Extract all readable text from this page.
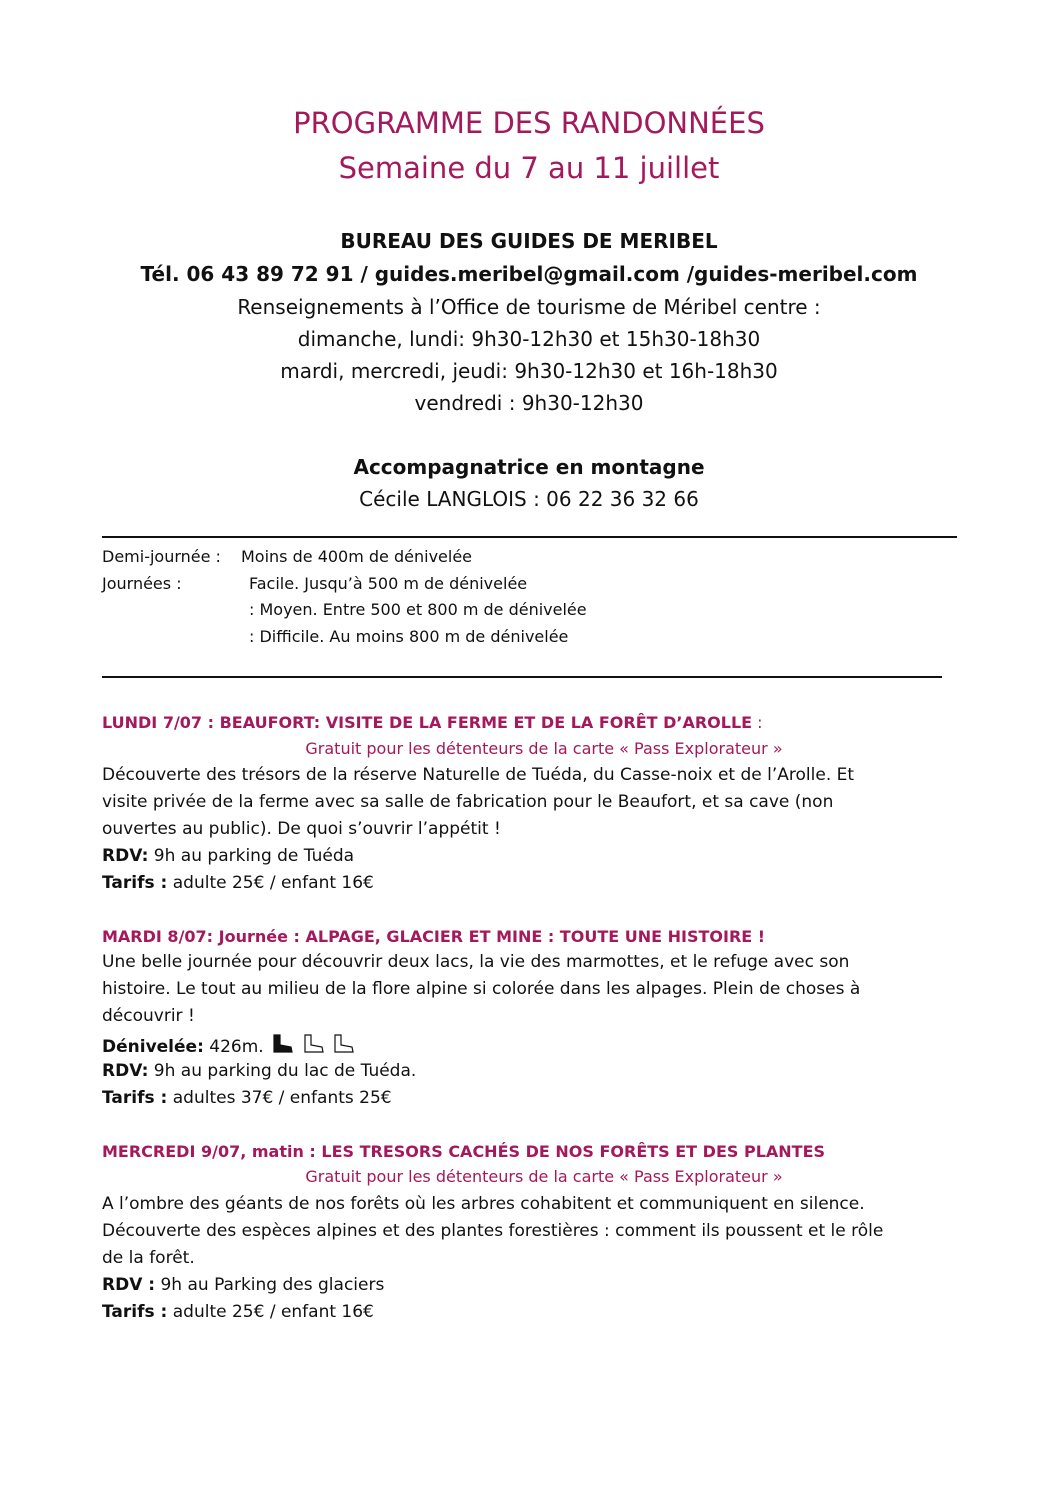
PROGRAMME DES RANDONNÉES
Semaine du 7 au 11 juillet
BUREAU DES GUIDES DE MERIBEL
Tél. 06 43 89 72 91 / guides.meribel@gmail.com /guides-meribel.com
Renseignements à l’Office de tourisme de Méribel centre :
dimanche, lundi: 9h30-12h30 et 15h30-18h30
mardi, mercredi, jeudi: 9h30-12h30 et 16h-18h30
vendredi : 9h30-12h30
Accompagnatrice en montagne
Cécile LANGLOIS : 06 22 36 32 66
Demi-journée : Moins de 400m de dénivelée
Journées :	Facile. Jusqu’à 500 m de dénivelée
: Moyen. Entre 500 et 800 m de dénivelée
: Difficile. Au moins 800 m de dénivelée
LUNDI 7/07 : BEAUFORT: VISITE DE LA FERME ET DE LA FORÊT D’AROLLE :
Gratuit pour les détenteurs de la carte « Pass Explorateur »
Découverte des trésors de la réserve Naturelle de Tuéda, du Casse-noix et de l’Arolle. Et
visite privée de la ferme avec sa salle de fabrication pour le Beaufort, et sa cave (non
ouvertes au public). De quoi s’ouvrir l’appétit !
RDV: 9h au parking de Tuéda
Tarifs : adulte 25€ / enfant 16€
MARDI 8/07: Journée : ALPAGE, GLACIER ET MINE : TOUTE UNE HISTOIRE !
Une belle journée pour découvrir deux lacs, la vie des marmottes, et le refuge avec son
histoire. Le tout au milieu de la flore alpine si colorée dans les alpages. Plein de choses à
découvrir !
Dénivelée: 426m.
RDV: 9h au parking du lac de Tuéda.
Tarifs : adultes 37€ / enfants 25€
MERCREDI 9/07, matin : LES TRESORS CACHÉS DE NOS FORÊTS ET DES PLANTES
Gratuit pour les détenteurs de la carte « Pass Explorateur »
A l’ombre des géants de nos forêts où les arbres cohabitent et communiquent en silence.
Découverte des espèces alpines et des plantes forestières : comment ils poussent et le rôle
de la forêt.
RDV : 9h au Parking des glaciers
Tarifs : adulte 25€ / enfant 16€
